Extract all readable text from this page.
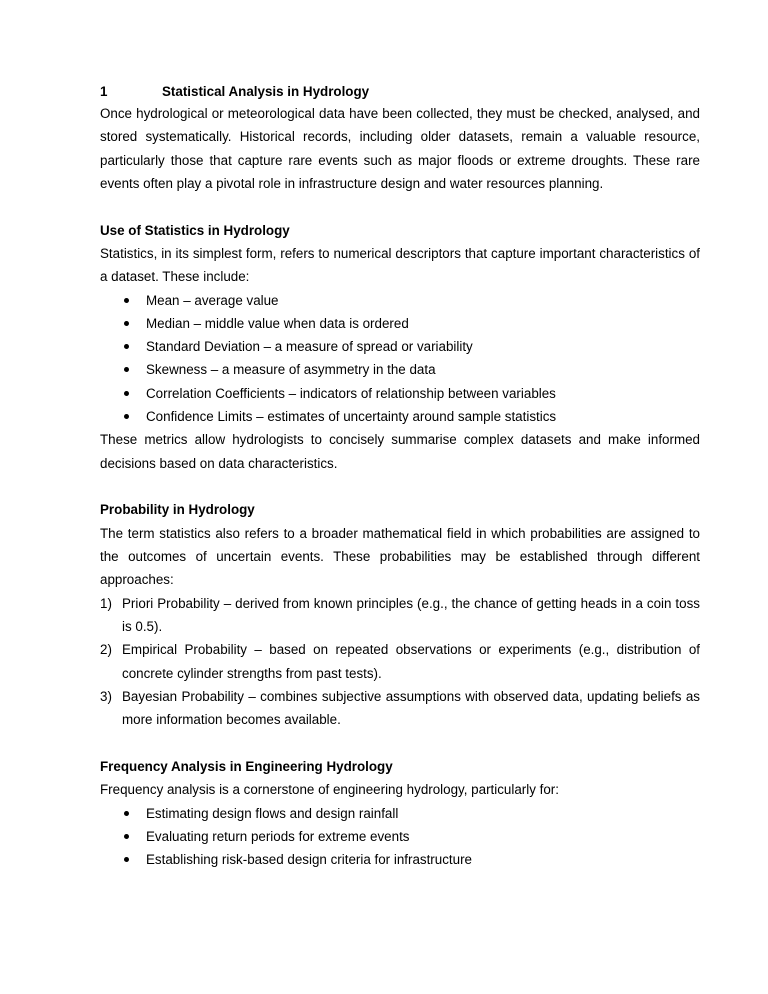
1	Statistical Analysis in Hydrology

Once hydrological or meteorological data have been collected, they must be checked, analysed, and stored systematically. Historical records, including older datasets, remain a valuable resource, particularly those that capture rare events such as major floods or extreme droughts. These rare events often play a pivotal role in infrastructure design and water resources planning.

Use of Statistics in Hydrology

Statistics, in its simplest form, refers to numerical descriptors that capture important characteristics of a dataset. These include:

Mean – average value
Median – middle value when data is ordered
Standard Deviation – a measure of spread or variability
Skewness – a measure of asymmetry in the data
Correlation Coefficients – indicators of relationship between variables
Confidence Limits – estimates of uncertainty around sample statistics

These metrics allow hydrologists to concisely summarise complex datasets and make informed decisions based on data characteristics.

Probability in Hydrology

The term statistics also refers to a broader mathematical field in which probabilities are assigned to the outcomes of uncertain events. These probabilities may be established through different approaches:

1) Priori Probability – derived from known principles (e.g., the chance of getting heads in a coin toss is 0.5).
2) Empirical Probability – based on repeated observations or experiments (e.g., distribution of concrete cylinder strengths from past tests).
3) Bayesian Probability – combines subjective assumptions with observed data, updating beliefs as more information becomes available.
Frequency Analysis in Engineering Hydrology

Frequency analysis is a cornerstone of engineering hydrology, particularly for:

Estimating design flows and design rainfall
Evaluating return periods for extreme events
Establishing risk-based design criteria for infrastructure
